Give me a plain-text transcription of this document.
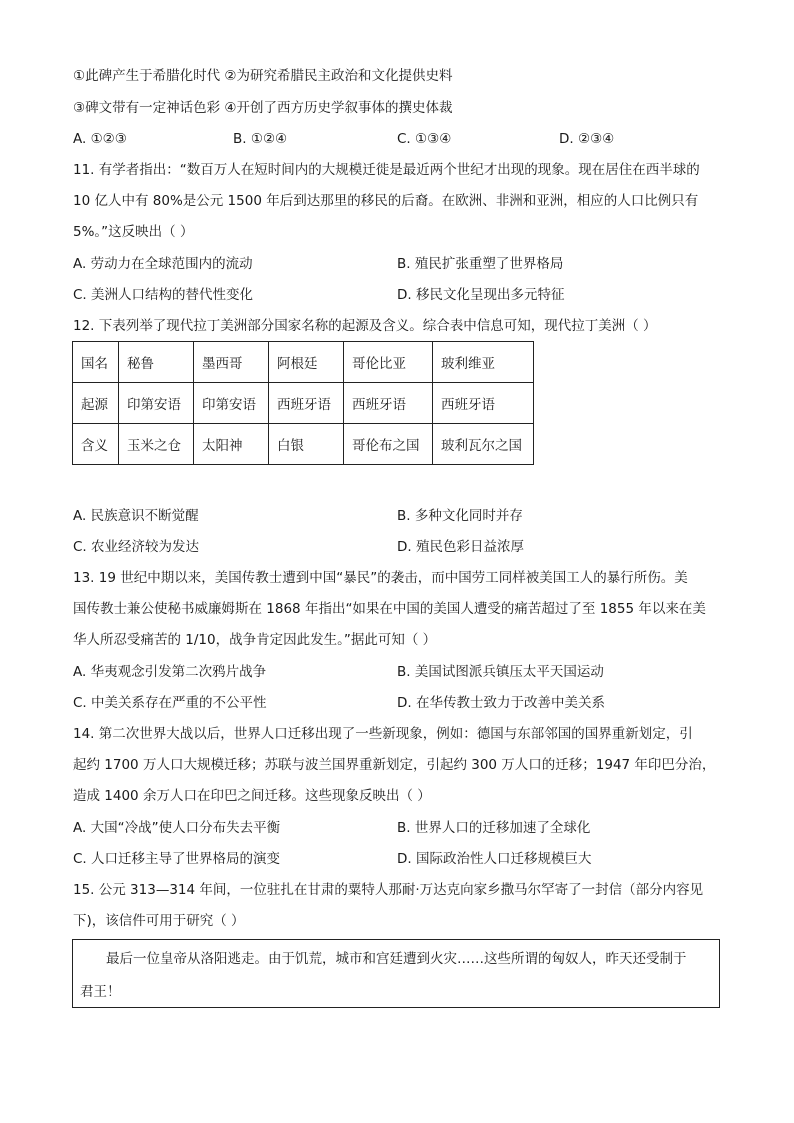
①此碑产生于希腊化时代 ②为研究希腊民主政治和文化提供史料
③碑文带有一定神话色彩 ④开创了西方历史学叙事体的撰史体裁
A. ①②③	B. ①②④	C. ①③④	D. ②③④
11. 有学者指出：“数百万人在短时间内的大规模迁徙是最近两个世纪才出现的现象。现在居住在西半球的
10 亿人中有 80%是公元 1500 年后到达那里的移民的后裔。在欧洲、非洲和亚洲，相应的人口比例只有
5%。”这反映出（ ）
A. 劳动力在全球范围内的流动	B. 殖民扩张重塑了世界格局
C. 美洲人口结构的替代性变化	D. 移民文化呈现出多元特征
12. 下表列举了现代拉丁美洲部分国家名称的起源及含义。综合表中信息可知，现代拉丁美洲（ ）
国名	秘鲁	墨西哥	阿根廷	哥伦比亚	玻利维亚
起源	印第安语	印第安语	西班牙语	西班牙语	西班牙语
含义	玉米之仓	太阳神	白银	哥伦布之国	玻利瓦尔之国
A. 民族意识不断觉醒	B. 多种文化同时并存
C. 农业经济较为发达	D. 殖民色彩日益浓厚
13. 19 世纪中期以来，美国传教士遭到中国“暴民”的袭击，而中国劳工同样被美国工人的暴行所伤。美
国传教士兼公使秘书威廉姆斯在 1868 年指出“如果在中国的美国人遭受的痛苦超过了至 1855 年以来在美
华人所忍受痛苦的 1/10，战争肯定因此发生。”据此可知（ ）
A. 华夷观念引发第二次鸦片战争	B. 美国试图派兵镇压太平天国运动
C. 中美关系存在严重的不公平性	D. 在华传教士致力于改善中美关系
14. 第二次世界大战以后，世界人口迁移出现了一些新现象，例如：德国与东部邻国的国界重新划定，引
起约 1700 万人口大规模迁移；苏联与波兰国界重新划定，引起约 300 万人口的迁移；1947 年印巴分治，
造成 1400 余万人口在印巴之间迁移。这些现象反映出（ ）
A. 大国“冷战”使人口分布失去平衡	B. 世界人口的迁移加速了全球化
C. 人口迁移主导了世界格局的演变	D. 国际政治性人口迁移规模巨大
15. 公元 313—314 年间，一位驻扎在甘肃的粟特人那耐·万达克向家乡撒马尔罕寄了一封信（部分内容见
下)，该信件可用于研究（ ）
最后一位皇帝从洛阳逃走。由于饥荒，城市和宫廷遭到火灾……这些所谓的匈奴人，昨天还受制于
君王！
